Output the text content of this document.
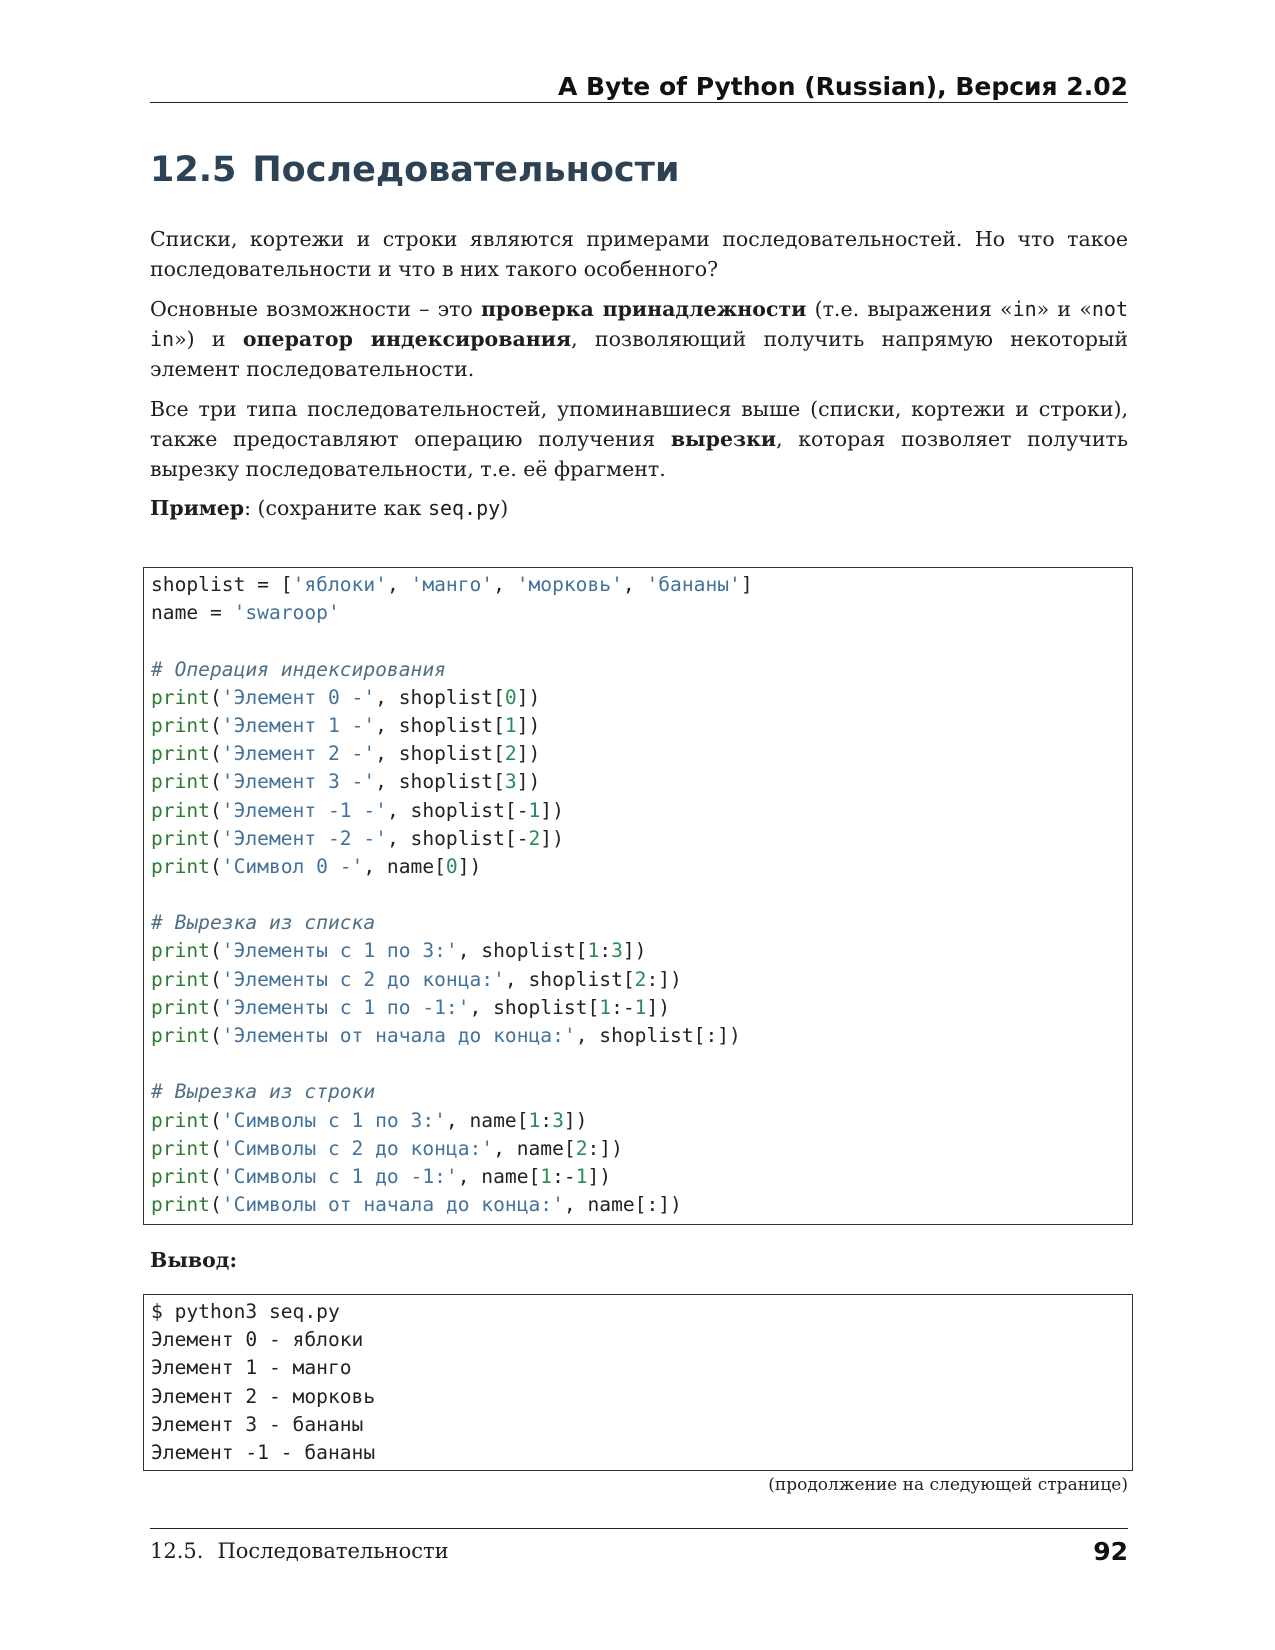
A Byte of Python (Russian), Версия 2.02
12.5 Последовательности

Списки, кортежи и строки являются примерами последовательностей. Но что такое последовательности и что в них такого особенного?

Основные возможности – это проверка принадлежности (т.е. выражения «in» и «not in») и оператор индексирования, позволяющий получить напрямую некоторый элемент последовательности.

Все три типа последовательностей, упоминавшиеся выше (списки, кортежи и строки), также предоставляют операцию получения вырезки, которая позволяет получить вырезку последовательности, т.е. её фрагмент.

Пример: (сохраните как seq.py)

shoplist = ['яблоки', 'манго', 'морковь', 'бананы']
name = 'swaroop'

# Операция индексирования
print('Элемент 0 -', shoplist[0])
print('Элемент 1 -', shoplist[1])
print('Элемент 2 -', shoplist[2])
print('Элемент 3 -', shoplist[3])
print('Элемент -1 -', shoplist[-1])
print('Элемент -2 -', shoplist[-2])
print('Символ 0 -', name[0])

# Вырезка из списка
print('Элементы с 1 по 3:', shoplist[1:3])
print('Элементы с 2 до конца:', shoplist[2:])
print('Элементы с 1 по -1:', shoplist[1:-1])
print('Элементы от начала до конца:', shoplist[:])

# Вырезка из строки
print('Символы с 1 по 3:', name[1:3])
print('Символы с 2 до конца:', name[2:])
print('Символы с 1 до -1:', name[1:-1])
print('Символы от начала до конца:', name[:])

Вывод:

$ python3 seq.py
Элемент 0 - яблоки
Элемент 1 - манго
Элемент 2 - морковь
Элемент 3 - бананы
Элемент -1 - бананы
(продолжение на следующей странице)
12.5. Последовательности	92
